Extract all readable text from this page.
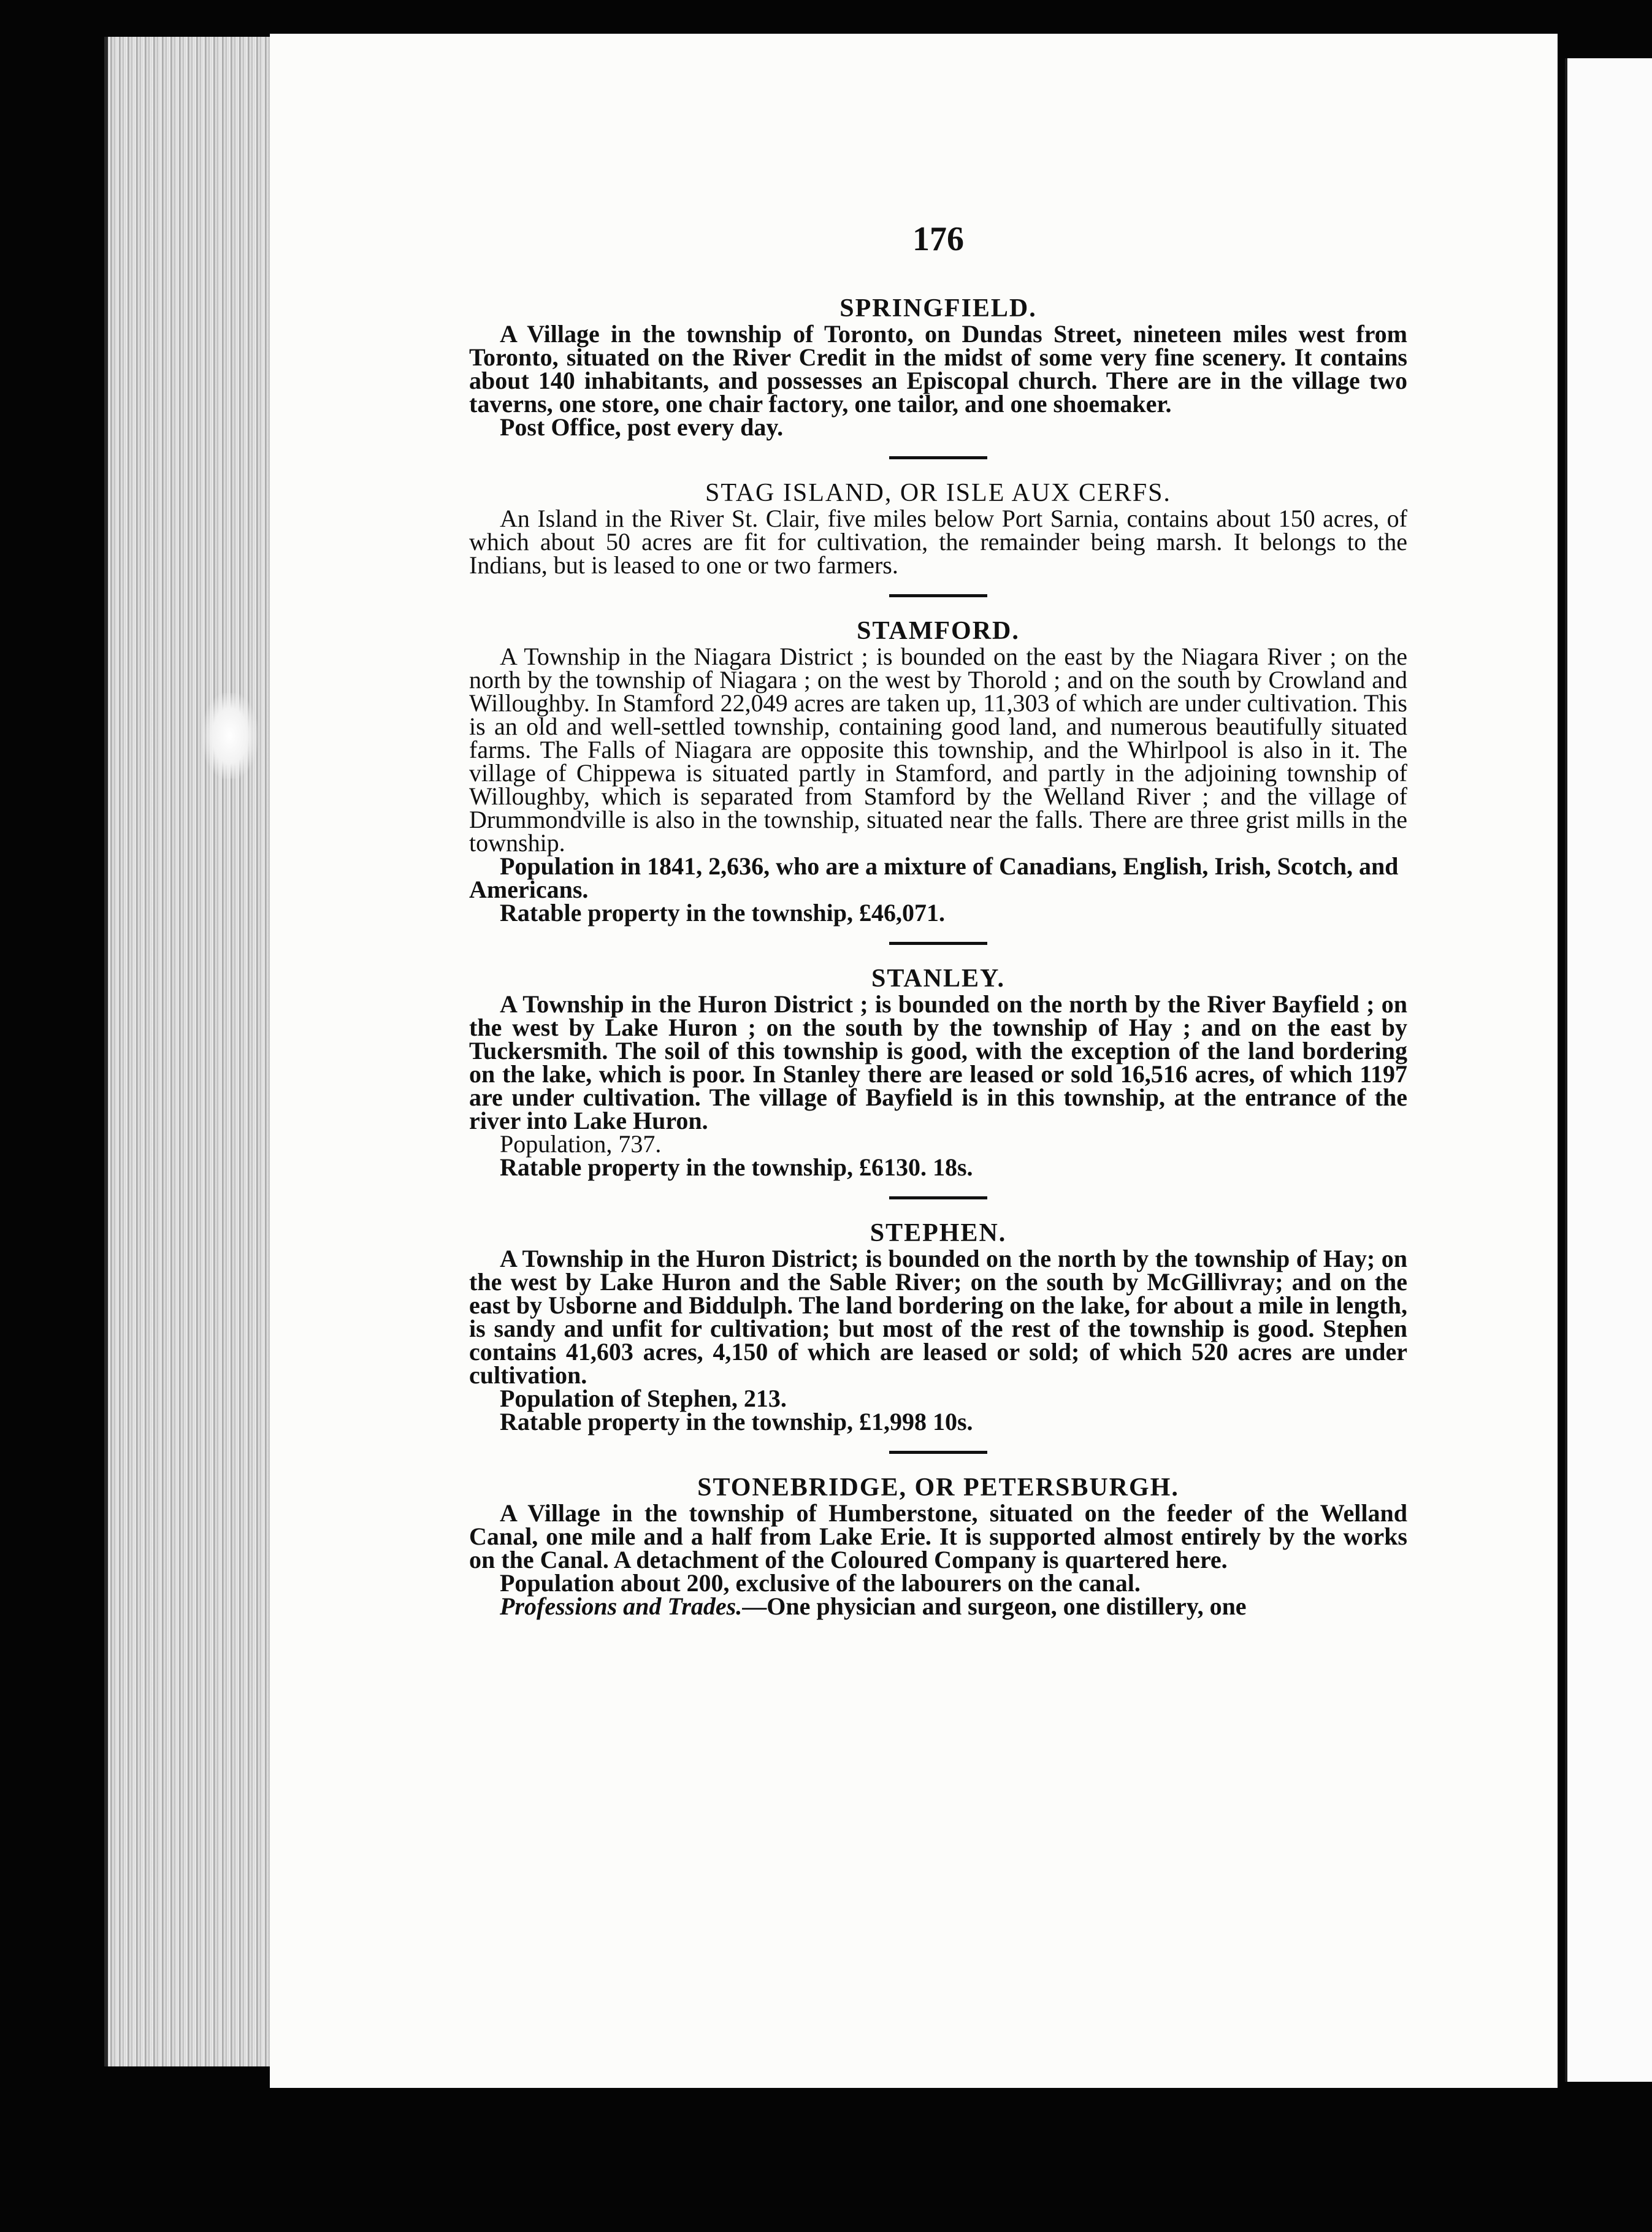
176

SPRINGFIELD.

A Village in the township of Toronto, on Dundas Street, nineteen miles west from Toronto, situated on the River Credit in the midst of some very fine scenery. It contains about 140 inhabitants, and possesses an Episcopal church. There are in the village two taverns, one store, one chair factory, one tailor, and one shoemaker.

Post Office, post every day.

STAG ISLAND, OR ISLE AUX CERFS.

An Island in the River St. Clair, five miles below Port Sarnia, contains about 150 acres, of which about 50 acres are fit for cultivation, the remainder being marsh. It belongs to the Indians, but is leased to one or two farmers.

STAMFORD.

A Township in the Niagara District ; is bounded on the east by the Niagara River ; on the north by the township of Niagara ; on the west by Thorold ; and on the south by Crowland and Willoughby. In Stamford 22,049 acres are taken up, 11,303 of which are under cultivation. This is an old and well-settled township, containing good land, and numerous beautifully situated farms. The Falls of Niagara are opposite this township, and the Whirlpool is also in it. The village of Chippewa is situated partly in Stamford, and partly in the adjoining township of Willoughby, which is separated from Stamford by the Welland River ; and the village of Drummondville is also in the township, situated near the falls. There are three grist mills in the township.

Population in 1841, 2,636, who are a mixture of Canadians, English, Irish, Scotch, and Americans.

Ratable property in the township, £46,071.

STANLEY.

A Township in the Huron District ; is bounded on the north by the River Bayfield ; on the west by Lake Huron ; on the south by the township of Hay ; and on the east by Tuckersmith. The soil of this township is good, with the exception of the land bordering on the lake, which is poor. In Stanley there are leased or sold 16,516 acres, of which 1197 are under cultivation. The village of Bayfield is in this township, at the entrance of the river into Lake Huron.

Population, 737.

Ratable property in the township, £6130. 18s.

STEPHEN.

A Township in the Huron District; is bounded on the north by the township of Hay; on the west by Lake Huron and the Sable River; on the south by McGillivray; and on the east by Usborne and Biddulph. The land bordering on the lake, for about a mile in length, is sandy and unfit for cultivation; but most of the rest of the township is good. Stephen contains 41,603 acres, 4,150 of which are leased or sold; of which 520 acres are under cultivation.

Population of Stephen, 213.

Ratable property in the township, £1,998 10s.

STONEBRIDGE, OR PETERSBURGH.

A Village in the township of Humberstone, situated on the feeder of the Welland Canal, one mile and a half from Lake Erie. It is supported almost entirely by the works on the Canal. A detachment of the Coloured Company is quartered here.

Population about 200, exclusive of the labourers on the canal.

Professions and Trades.—One physician and surgeon, one distillery, one
